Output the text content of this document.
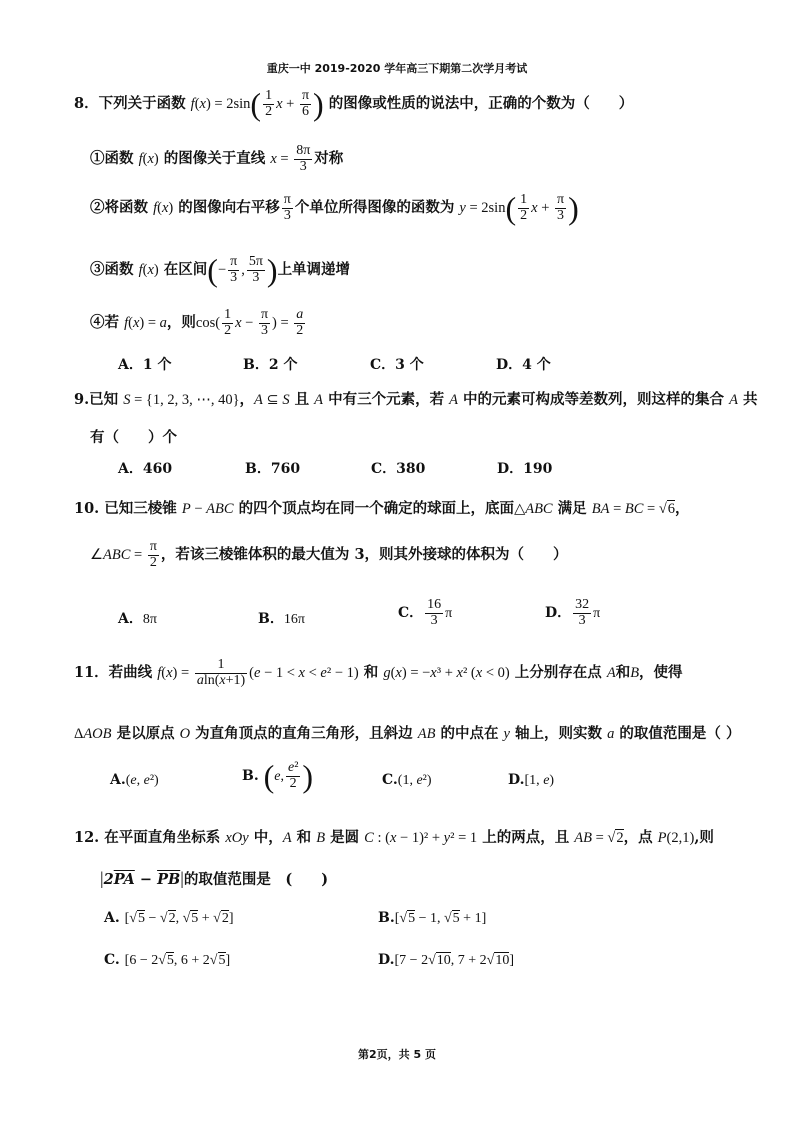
重庆一中 2019-2020 学年高三下期第二次学月考试
8．下列关于函数 $f(x) = 2\sin( \frac{1}{2}$ $x + \frac{\pi}{6}$ ) 的图像或性质的说法中，正确的个数为（　　）
①函数 f(x) 的图像关于直线 $x = \frac{8\pi}{3}$ 对称
②将函数 f(x) 的图像向右平移 $\frac{\pi}{3}$ 个单位所得图像的函数为 $y = 2\sin( \frac{1}{2}$ $x + \frac{\pi}{3}$ )
③函数 f(x) 在区间(− $\frac{\pi}{3}$ , $\frac{5\pi}{3}$ )上单调递增
④若 f(x) = a，则$\cos( \frac{1}{2}$ $x - \frac{\pi}{3}$ ) = $\frac{a}{2}$
A．1 个	B．2 个	C．3 个	D．4 个
9.已知 S = {1, 2, 3, ⋯, 40}，A ⊆ S 且 A 中有三个元素，若 A 中的元素可构成等差数列，则这样的集合 A 共
有（　　）个
A．460	B．760	C．380	D．190
10. 已知三棱锥 P − ABC 的四个顶点均在同一个确定的球面上，底面△ABC 满足 BA = BC = √6，
∠ABC = $\frac{\pi}{2}$ ，若该三棱锥体积的最大值为 3，则其外接球的体积为（　　）
A．8π	B．16π	C． $\frac{16}{3}$ π	D． $\frac{32}{3}$ π
11．若曲线 $f(x) = \frac{1}{aln(x+1)} (e - 1 < x < e^2 - 1)$ 和 g(x) = −x³ + x² (x < 0) 上分别存在点 A和B，使得
ΔAOB 是以原点 O 为直角顶点的直角三角形，且斜边 AB 的中点在 y 轴上，则实数 a 的取值范围是（ ）
A.(e, e²)	B. (e, $\frac{\text{e²}}{2}$ )	C.(1, e²)	D.[1, e)
12. 在平面直角坐标系 xOy 中，A 和 B 是圆 C : (x − 1)² + y² = 1 上的两点，且 AB = √2，点 P(2,1),则
$|2\overline{PA} - \overline{PB}|$的取值范围是　(　　)
A. [√5 − √2, √5 + √2]	B.[√5 − 1, √5 + 1]
C. [6 − 2√5, 6 + 2√5]	D.[7 − 2√10, 7 + 2√10]
第2页，共 5 页
